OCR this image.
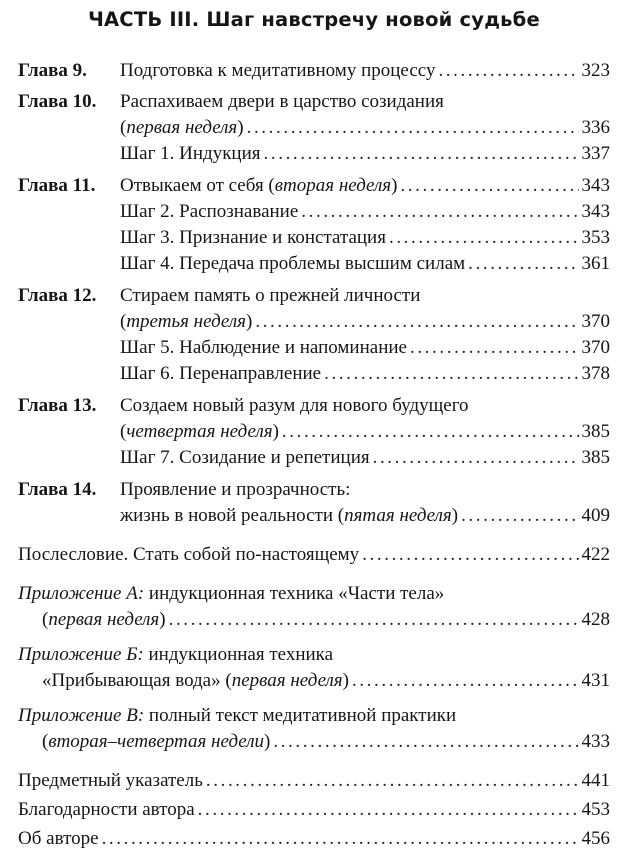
ЧАСТЬ III. Шаг навстречу новой судьбе
Глава 9. Подготовка к медитативному процессу .....	323
Глава 10. Распахиваем двери в царство созидания
(первая неделя) .....	336
Шаг 1. Индукция .....	337
Глава 11. Отвыкаем от себя (вторая неделя) .....	343
Шаг 2. Распознавание .....	343
Шаг 3. Признание и констатация .....	353
Шаг 4. Передача проблемы высшим силам .....	361
Глава 12. Стираем память о прежней личности
(третья неделя) .....	370
Шаг 5. Наблюдение и напоминание .....	370
Шаг 6. Перенаправление .....	378
Глава 13. Создаем новый разум для нового будущего
(четвертая неделя) .....	385
Шаг 7. Созидание и репетиция .....	385
Глава 14. Проявление и прозрачность:
жизнь в новой реальности (пятая неделя) .....	409
Послесловие. Стать собой по-настоящему .....	422
Приложение А: индукционная техника «Части тела»
(первая неделя) .....	428
Приложение Б: индукционная техника
«Прибывающая вода» (первая неделя) .....	431
Приложение В: полный текст медитативной практики
(вторая–четвертая недели) .....	433
Предметный указатель .....	441
Благодарности автора .....	453
Об авторе .....	456
